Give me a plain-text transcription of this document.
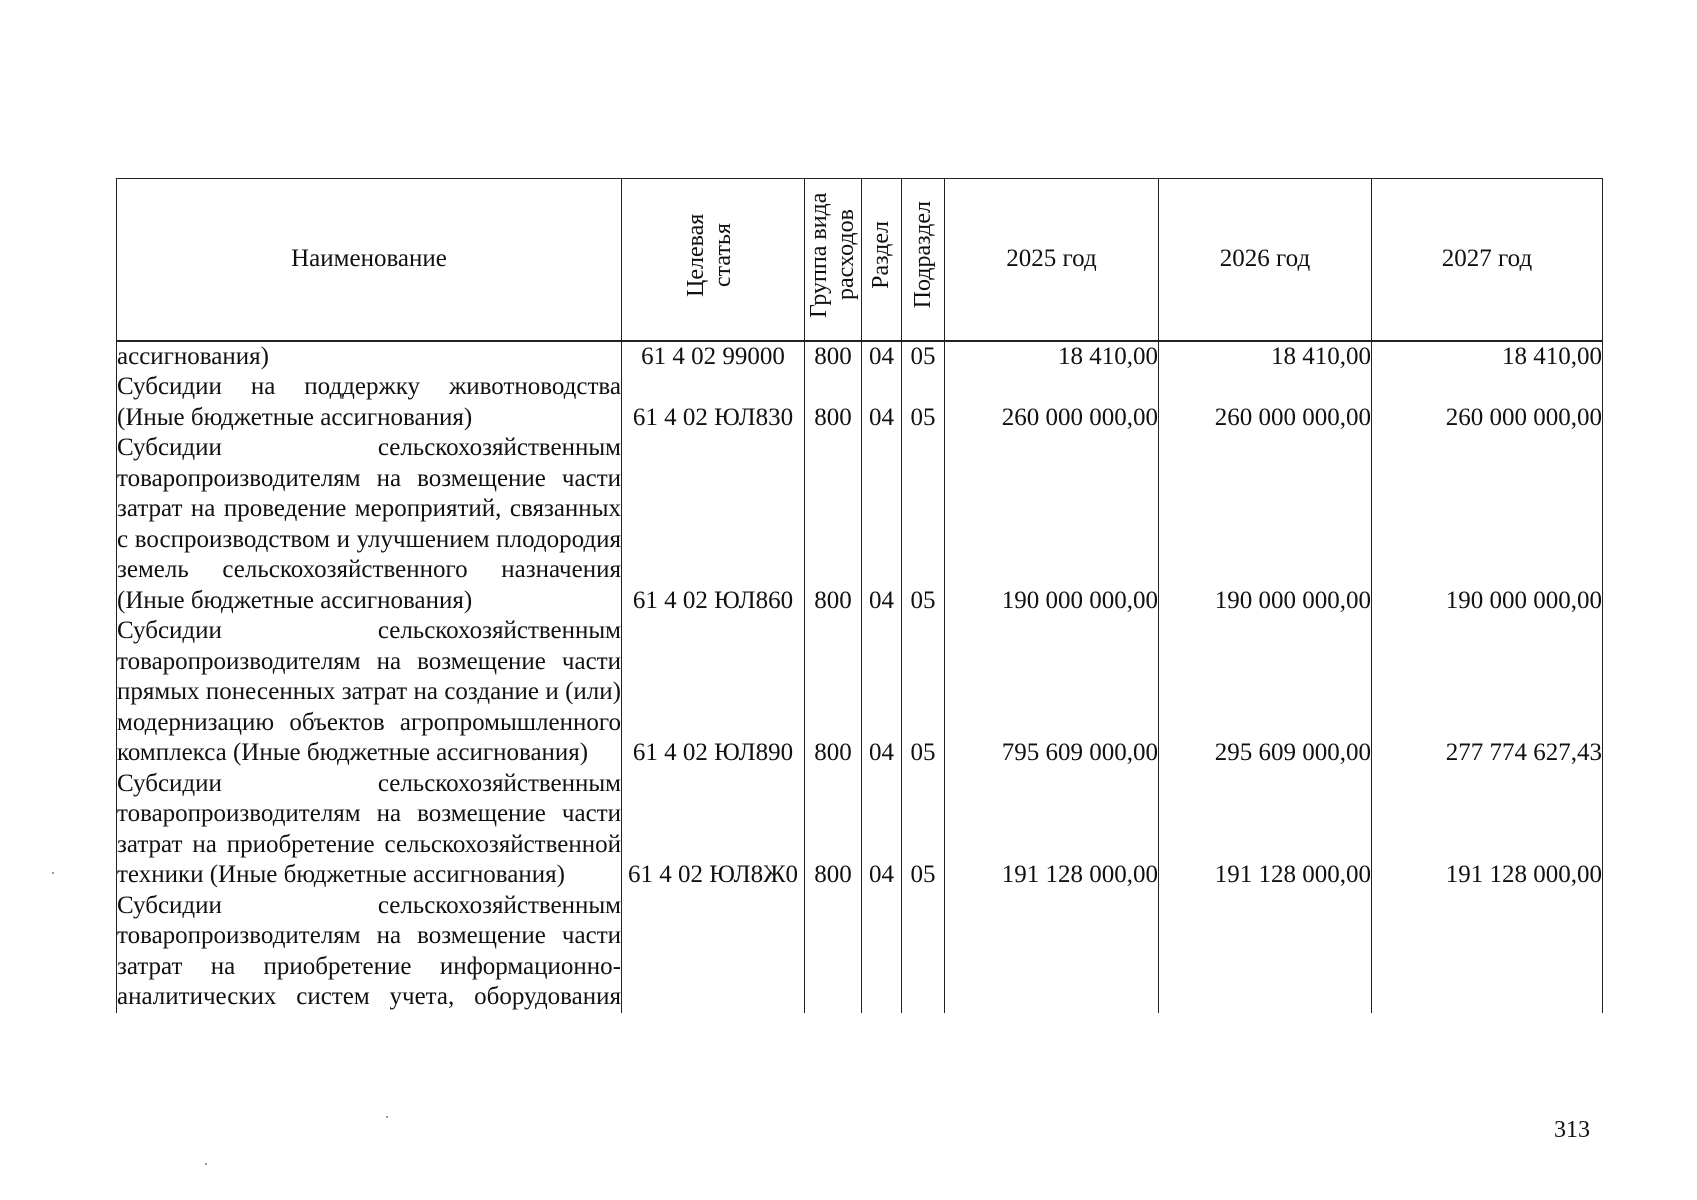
Наименование	Целевая статья	Группа вида расходов	Раздел	Подраздел	2025 год	2026 год	2027 год
ассигнования)	61 4 02 99000	800	04	05	18 410,00	18 410,00	18 410,00
Субсидии на поддержку животноводства (Иные бюджетные ассигнования)	61 4 02 ЮЛ830	800	04	05	260 000 000,00	260 000 000,00	260 000 000,00
Субсидии сельскохозяйственным товаропроизводителям на возмещение части затрат на проведение мероприятий, связанных с воспроизводством и улучшением плодородия земель сельскохозяйственного назначения (Иные бюджетные ассигнования)	61 4 02 ЮЛ860	800	04	05	190 000 000,00	190 000 000,00	190 000 000,00
Субсидии сельскохозяйственным товаропроизводителям на возмещение части прямых понесенных затрат на создание и (или) модернизацию объектов агропромышленного комплекса (Иные бюджетные ассигнования)	61 4 02 ЮЛ890	800	04	05	795 609 000,00	295 609 000,00	277 774 627,43
Субсидии сельскохозяйственным товаропроизводителям на возмещение части затрат на приобретение сельскохозяйственной техники (Иные бюджетные ассигнования)	61 4 02 ЮЛ8Ж0	800	04	05	191 128 000,00	191 128 000,00	191 128 000,00
Субсидии сельскохозяйственным товаропроизводителям на возмещение части затрат на приобретение информационно-аналитических систем учета, оборудования							
313
